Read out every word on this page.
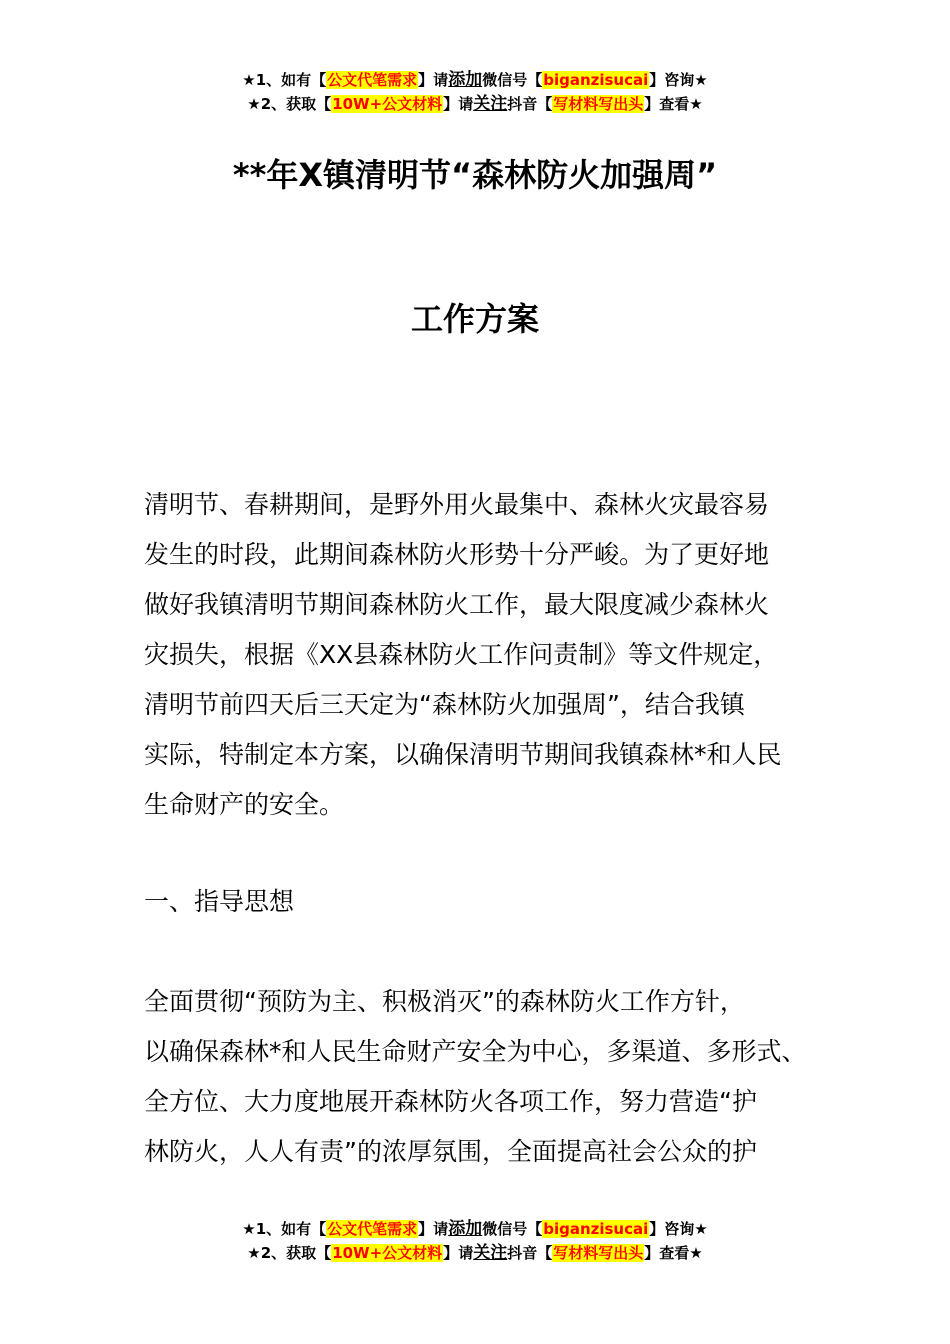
★1、如有【公文代笔需求】请添加微信号【biganzisucai】咨询★
★2、获取【10W+公文材料】请关注抖音【写材料写出头】查看★
**年X镇清明节“森林防火加强周”
工作方案

清明节、春耕期间，是野外用火最集中、森林火灾最容易
发生的时段，此期间森林防火形势十分严峻。为了更好地
做好我镇清明节期间森林防火工作，最大限度减少森林火
灾损失，根据《XX县森林防火工作问责制》等文件规定，
清明节前四天后三天定为“森林防火加强周”，结合我镇
实际，特制定本方案，以确保清明节期间我镇森林*和人民
生命财产的安全。

一、指导思想

全面贯彻“预防为主、积极消灭”的森林防火工作方针，
以确保森林*和人民生命财产安全为中心，多渠道、多形式、
全方位、大力度地展开森林防火各项工作，努力营造“护
林防火，人人有责”的浓厚氛围，全面提高社会公众的护

★1、如有【公文代笔需求】请添加微信号【biganzisucai】咨询★
★2、获取【10W+公文材料】请关注抖音【写材料写出头】查看★
